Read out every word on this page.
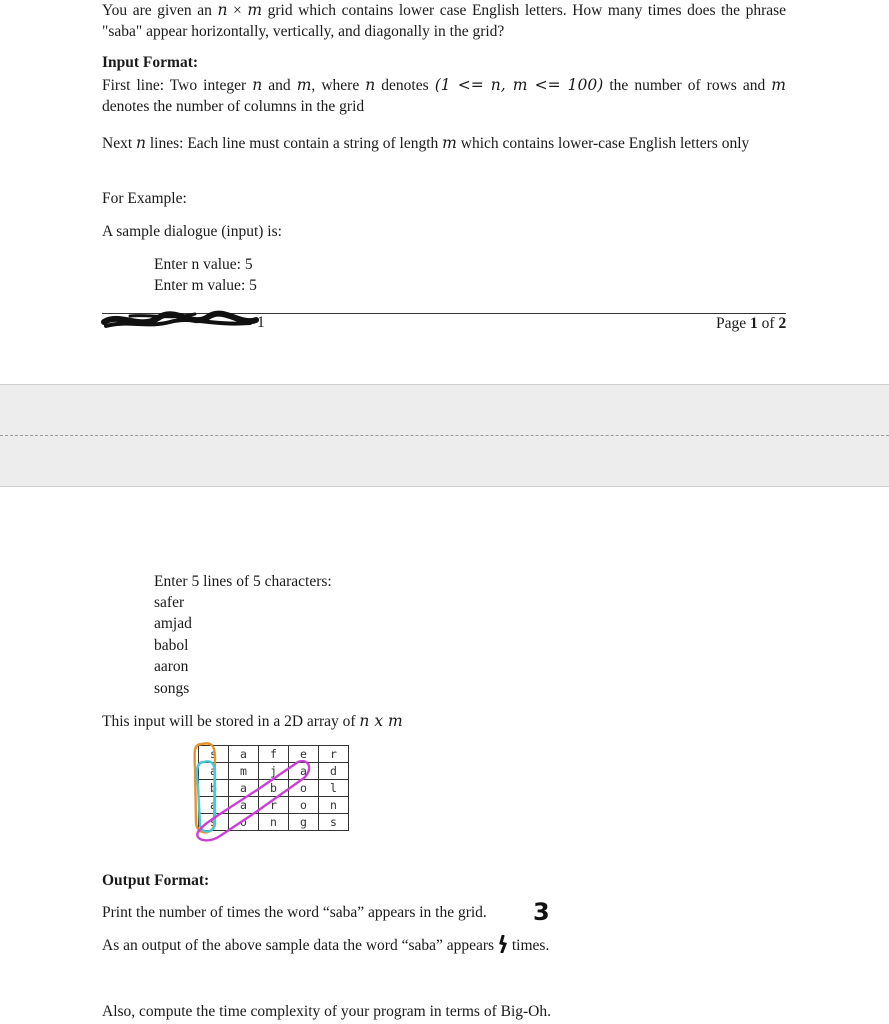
You are given an n × m grid which contains lower case English letters. How many times does the phrase "saba" appear horizontally, vertically, and diagonally in the grid?
Input Format:
First line: Two integer n and m, where n denotes (1 <= n, m <= 100) the number of rows and m denotes the number of columns in the grid
Next n lines: Each line must contain a string of length m which contains lower-case English letters only
For Example:
A sample dialogue (input) is:
Enter n value: 5
Enter m value: 5
1	Page 1 of 2
Enter 5 lines of 5 characters:
safer
amjad
babol
aaron
songs
This input will be stored in a 2D array of n x m
s	a	f	e	r
a	m	j	a	d
b	a	b	o	l
a	a	r	o	n
s	o	n	g	s
Output Format:
Print the number of times the word “saba” appears in the grid. 3
As an output of the above sample data the word “saba” appears times.
Also, compute the time complexity of your program in terms of Big-Oh.
